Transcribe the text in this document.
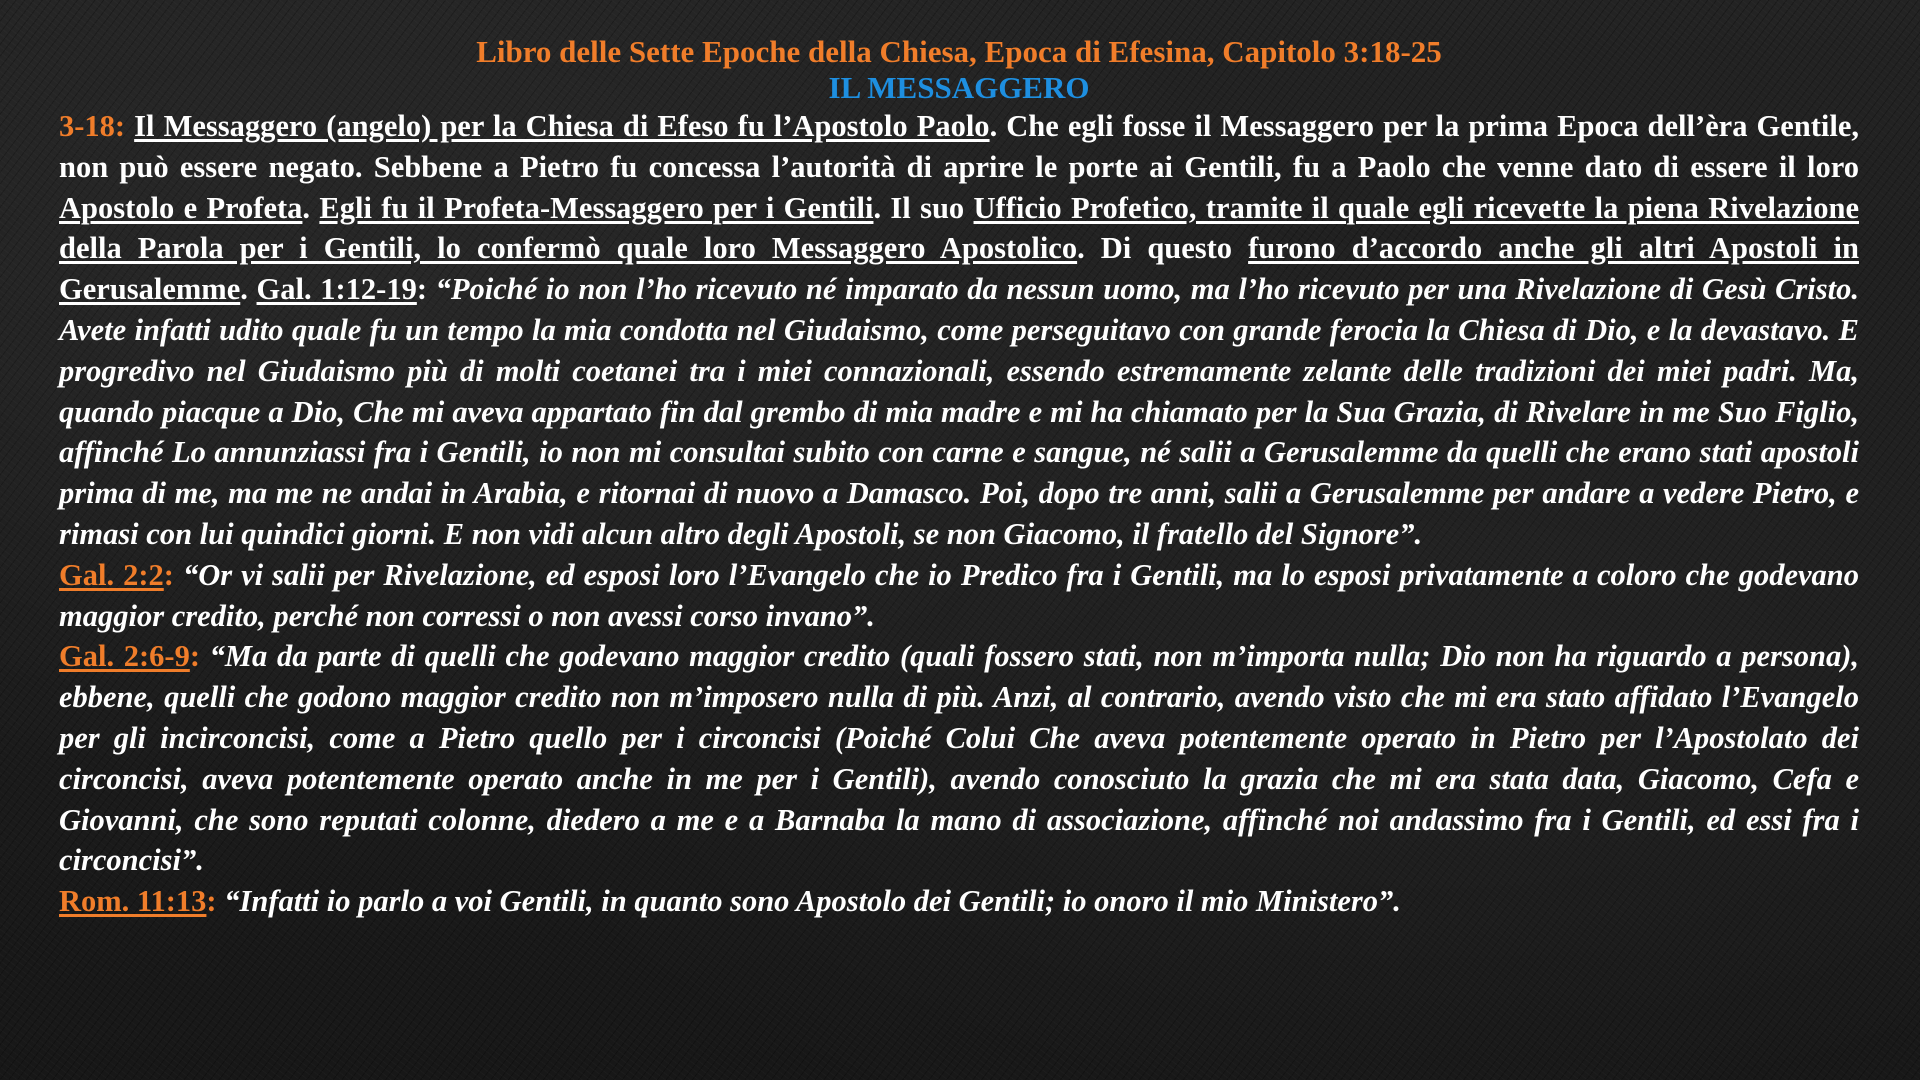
Libro delle Sette Epoche della Chiesa, Epoca di Efesina, Capitolo 3:18-25
IL MESSAGGERO

3-18: Il Messaggero (angelo) per la Chiesa di Efeso fu l’Apostolo Paolo. Che egli fosse il Messaggero per la prima Epoca dell’èra Gentile, non può essere negato. Sebbene a Pietro fu concessa l’autorità di aprire le porte ai Gentili, fu a Paolo che venne dato di essere il loro Apostolo e Profeta. Egli fu il Profeta-Messaggero per i Gentili. Il suo Ufficio Profetico, tramite il quale egli ricevette la piena Rivelazione della Parola per i Gentili, lo confermò quale loro Messaggero Apostolico. Di questo furono d’accordo anche gli altri Apostoli in Gerusalemme. Gal. 1:12-19: “Poiché io non l’ho ricevuto né imparato da nessun uomo, ma l’ho ricevuto per una Rivelazione di Gesù Cristo. Avete infatti udito quale fu un tempo la mia condotta nel Giudaismo, come perseguitavo con grande ferocia la Chiesa di Dio, e la devastavo. E progredivo nel Giudaismo più di molti coetanei tra i miei connazionali, essendo estremamente zelante delle tradizioni dei miei padri. Ma, quando piacque a Dio, Che mi aveva appartato fin dal grembo di mia madre e mi ha chiamato per la Sua Grazia, di Rivelare in me Suo Figlio, affinché Lo annunziassi fra i Gentili, io non mi consultai subito con carne e sangue, né salii a Gerusalemme da quelli che erano stati apostoli prima di me, ma me ne andai in Arabia, e ritornai di nuovo a Damasco. Poi, dopo tre anni, salii a Gerusalemme per andare a vedere Pietro, e rimasi con lui quindici giorni. E non vidi alcun altro degli Apostoli, se non Giacomo, il fratello del Signore”.

Gal. 2:2: “Or vi salii per Rivelazione, ed esposi loro l’Evangelo che io Predico fra i Gentili, ma lo esposi privatamente a coloro che godevano maggior credito, perché non corressi o non avessi corso invano”.

Gal. 2:6-9: “Ma da parte di quelli che godevano maggior credito (quali fossero stati, non m’importa nulla; Dio non ha riguardo a persona), ebbene, quelli che godono maggior credito non m’imposero nulla di più. Anzi, al contrario, avendo visto che mi era stato affidato l’Evangelo per gli incirconcisi, come a Pietro quello per i circoncisi (Poiché Colui Che aveva potentemente operato in Pietro per l’Apostolato dei circoncisi, aveva potentemente operato anche in me per i Gentili), avendo conosciuto la grazia che mi era stata data, Giacomo, Cefa e Giovanni, che sono reputati colonne, diedero a me e a Barnaba la mano di associazione, affinché noi andassimo fra i Gentili, ed essi fra i circoncisi”.

Rom. 11:13: “Infatti io parlo a voi Gentili, in quanto sono Apostolo dei Gentili; io onoro il mio Ministero”.
